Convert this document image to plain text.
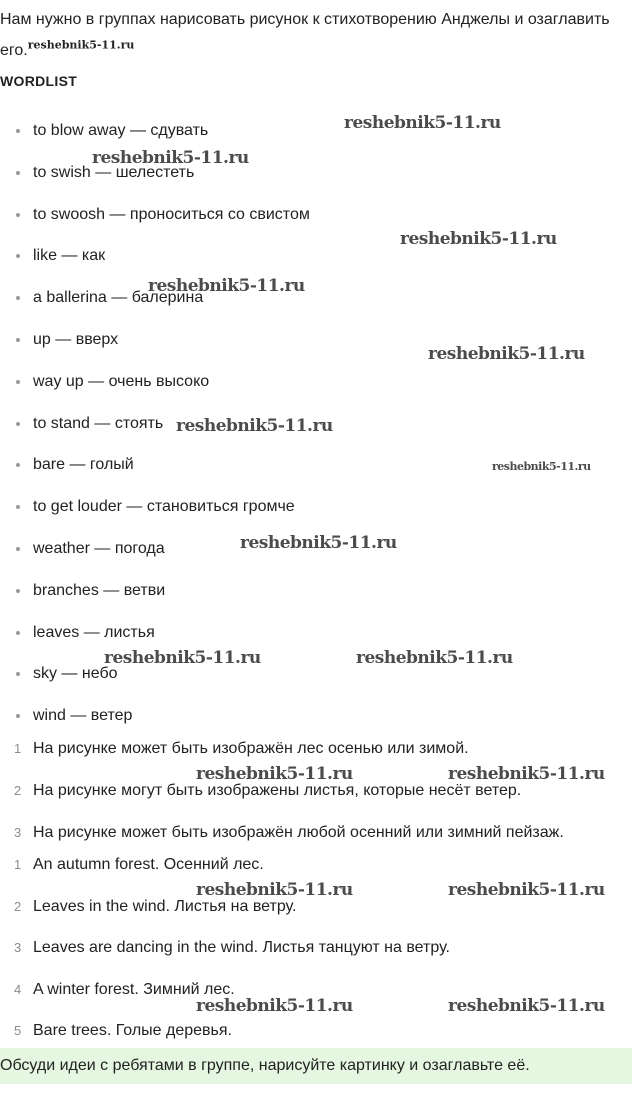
Нам нужно в группах нарисовать рисунок к стихотворению Анджелы и озаглавить его.$^{reshebnik5-11.ru}$
WORDLIST
to blow away — сдувать
to swish — шелестеть
to swoosh — проноситься со свистом
like — как
a ballerina — балерина
up — вверх
way up — очень высоко
to stand — стоять
bare — голый
to get louder — становиться громче
weather — погода
branches — ветви
leaves — листья
sky — небо
wind — ветер
1 На рисунке может быть изображён лес осенью или зимой.
2 На рисунке могут быть изображены листья, которые несёт ветер.
3 На рисунке может быть изображён любой осенний или зимний пейзаж.
1 An autumn forest. Осенний лес.
2 Leaves in the wind. Листья на ветру.
3 Leaves are dancing in the wind. Листья танцуют на ветру.
4 A winter forest. Зимний лес.
5 Bare trees. Голые деревья.
Обсуди идеи с ребятами в группе, нарисуйте картинку и озаглавьте её.
reshebnik5-11.ru
reshebnik5-11.ru
reshebnik5-11.ru
reshebnik5-11.ru
reshebnik5-11.ru
reshebnik5-11.ru
reshebnik5-11.ru
reshebnik5-11.ru
reshebnik5-11.ru	reshebnik5-11.ru
reshebnik5-11.ru	reshebnik5-11.ru
reshebnik5-11.ru	reshebnik5-11.ru
reshebnik5-11.ru	reshebnik5-11.ru
